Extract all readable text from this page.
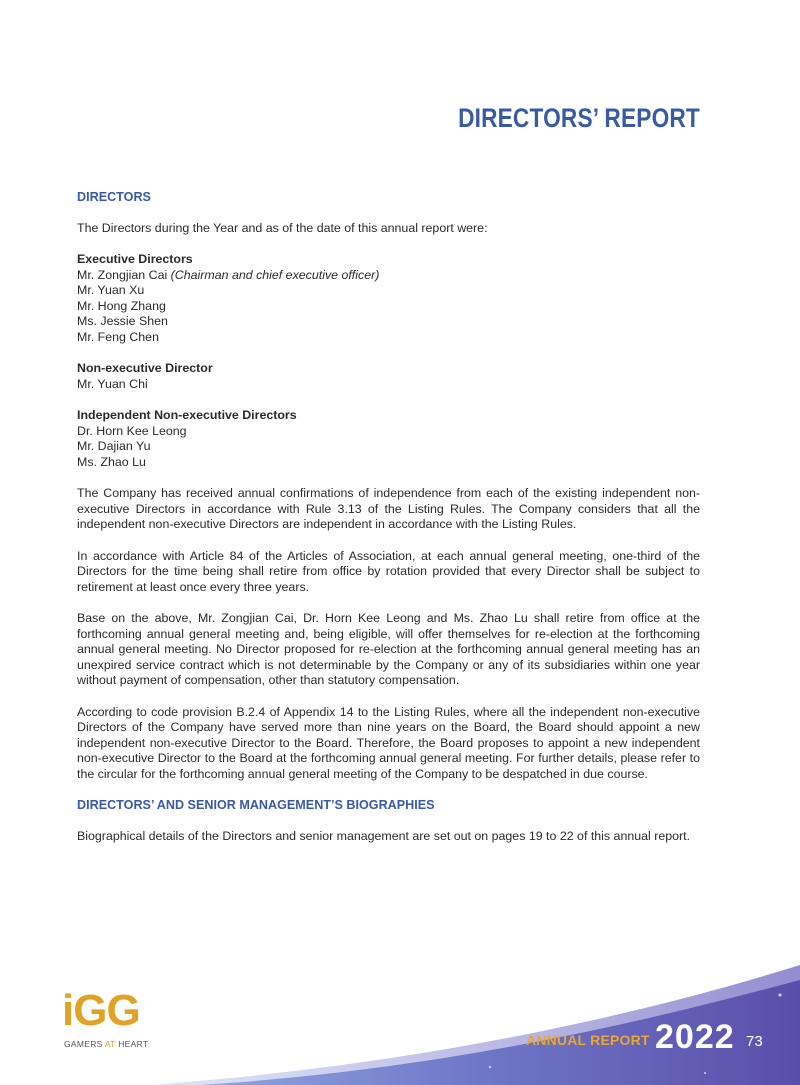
DIRECTORS’ REPORT
DIRECTORS

The Directors during the Year and as of the date of this annual report were:

Executive Directors

Mr. Zongjian Cai (Chairman and chief executive officer)

Mr. Yuan Xu

Mr. Hong Zhang

Ms. Jessie Shen

Mr. Feng Chen

Non-executive Director

Mr. Yuan Chi

Independent Non-executive Directors

Dr. Horn Kee Leong

Mr. Dajian Yu

Ms. Zhao Lu

The Company has received annual confirmations of independence from each of the existing independent non-executive Directors in accordance with Rule 3.13 of the Listing Rules. The Company considers that all the independent non-executive Directors are independent in accordance with the Listing Rules.

In accordance with Article 84 of the Articles of Association, at each annual general meeting, one-third of the Directors for the time being shall retire from office by rotation provided that every Director shall be subject to retirement at least once every three years.

Base on the above, Mr. Zongjian Cai, Dr. Horn Kee Leong and Ms. Zhao Lu shall retire from office at the forthcoming annual general meeting and, being eligible, will offer themselves for re-election at the forthcoming annual general meeting. No Director proposed for re-election at the forthcoming annual general meeting has an unexpired service contract which is not determinable by the Company or any of its subsidiaries within one year without payment of compensation, other than statutory compensation.

According to code provision B.2.4 of Appendix 14 to the Listing Rules, where all the independent non-executive Directors of the Company have served more than nine years on the Board, the Board should appoint a new independent non-executive Director to the Board. Therefore, the Board proposes to appoint a new independent non-executive Director to the Board at the forthcoming annual general meeting. For further details, please refer to the circular for the forthcoming annual general meeting of the Company to be despatched in due course.

DIRECTORS’ AND SENIOR MANAGEMENT’S BIOGRAPHIES

Biographical details of the Directors and senior management are set out on pages 19 to 22 of this annual report.

iGG
GAMERS AT HEART	ANNUAL REPORT 2022 73
